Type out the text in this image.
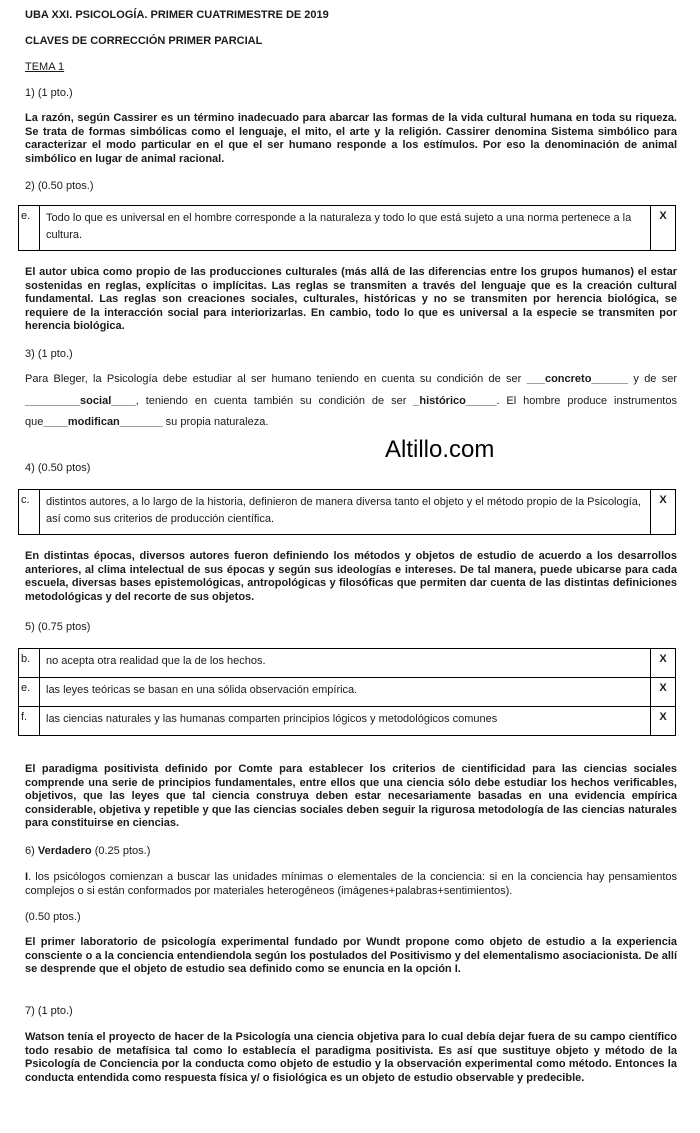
UBA XXI. PSICOLOGÍA. PRIMER CUATRIMESTRE DE 2019
CLAVES DE CORRECCIÓN PRIMER PARCIAL
TEMA 1
1) (1 pto.)
La razón, según Cassirer es un término inadecuado para abarcar las formas de la vida cultural humana en toda su riqueza. Se trata de formas simbólicas como el lenguaje, el mito, el arte y la religión. Cassirer denomina Sistema simbólico para caracterizar el modo particular en el que el ser humano responde a los estímulos. Por eso la denominación de animal simbólico en lugar de animal racional.
2) (0.50 ptos.)
e.	Todo lo que es universal en el hombre corresponde a la naturaleza y todo lo que está sujeto a una norma pertenece a la cultura.	X
El autor ubica como propio de las producciones culturales (más allá de las diferencias entre los grupos humanos) el estar sostenidas en reglas, explícitas o implícitas. Las reglas se transmiten a través del lenguaje que es la creación cultural fundamental. Las reglas son creaciones sociales, culturales, históricas y no se transmiten por herencia biológica, se requiere de la interacción social para interiorizarlas. En cambio, todo lo que es universal a la especie se transmiten por herencia biológica.
3) (1 pto.)
Para Bleger, la Psicología debe estudiar al ser humano teniendo en cuenta su condición de ser ___concreto______ y de ser _________social____, teniendo en cuenta también su condición de ser _histórico_____. El hombre produce instrumentos que____modifican_______ su propia naturaleza.
Altillo.com
4) (0.50 ptos)
c.	distintos autores, a lo largo de la historia, definieron de manera diversa tanto el objeto y el método propio de la Psicología, así como sus criterios de producción científica.	X
En distintas épocas, diversos autores fueron definiendo los métodos y objetos de estudio de acuerdo a los desarrollos anteriores, al clima intelectual de sus épocas y según sus ideologías e intereses. De tal manera, puede ubicarse para cada escuela, diversas bases epistemológicas, antropológicas y filosóficas que permiten dar cuenta de las distintas definiciones metodológicas y del recorte de sus objetos.
5) (0.75 ptos)
b.	no acepta otra realidad que la de los hechos.	X
e.	las leyes teóricas se basan en una sólida observación empírica.	X
f.	las ciencias naturales y las humanas comparten principios lógicos y metodológicos comunes	X
El paradigma positivista definido por Comte para establecer los criterios de cientificidad para las ciencias sociales comprende una serie de principios fundamentales, entre ellos que una ciencia sólo debe estudiar los hechos verificables, objetivos, que las leyes que tal ciencia construya deben estar necesariamente basadas en una evidencia empírica considerable, objetiva y repetible y que las ciencias sociales deben seguir la rigurosa metodología de las ciencias naturales para constituirse en ciencias.
6) Verdadero (0.25 ptos.)
I. los psicólogos comienzan a buscar las unidades mínimas o elementales de la conciencia: si en la conciencia hay pensamientos complejos o si están conformados por materiales heterogéneos (imágenes+palabras+sentimientos).
(0.50 ptos.)
El primer laboratorio de psicología experimental fundado por Wundt propone como objeto de estudio a la experiencia consciente o a la conciencia entendiendola según los postulados del Positivismo y del elementalismo asociacionista. De allí se desprende que el objeto de estudio sea definido como se enuncia en la opción I.
7) (1 pto.)
Watson tenía el proyecto de hacer de la Psicología una ciencia objetiva para lo cual debía dejar fuera de su campo científico todo resabio de metafísica tal como lo establecía el paradigma positivista. Es así que sustituye objeto y método de la Psicología de Conciencia por la conducta como objeto de estudio y la observación experimental como método. Entonces la conducta entendida como respuesta física y/ o fisiológica es un objeto de estudio observable y predecible.
